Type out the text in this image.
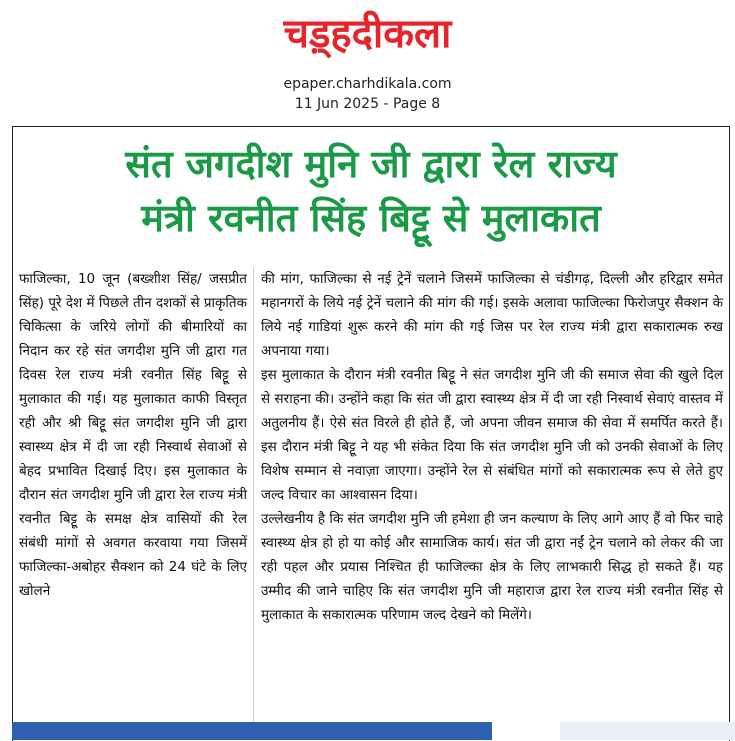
चड़्हदीकला
epaper.charhdikala.com
11 Jun 2025 - Page 8
संत जगदीश मुनि जी द्वारा रेल राज्य
मंत्री रवनीत सिंह बिट्टू से मुलाकात

फाजिल्का, 10 जून (बख्शीश सिंह/ जसप्रीत सिंह) पूरे देश में पिछले तीन दशकों से प्राकृतिक चिकित्सा के जरिये लोगों की बीमारियों का निदान कर रहे संत जगदीश मुनि जी द्वारा गत दिवस रेल राज्य मंत्री रवनीत सिंह बिट्टू से मुलाकात की गई। यह मुलाकात काफी विस्तृत रही और श्री बिट्टू संत जगदीश मुनि जी द्वारा स्वास्थ्य क्षेत्र में दी जा रही निस्वार्थ सेवाओं से बेहद प्रभावित दिखाई दिए। इस मुलाकात के दौरान संत जगदीश मुनि जी द्वारा रेल राज्य मंत्री रवनीत बिट्टू के समक्ष क्षेत्र वासियों की रेल संबंधी मांगों से अवगत करवाया गया जिसमें फाजिल्का-अबोहर सैक्शन को 24 घंटे के लिए खोलने

की मांग, फाजिल्का से नई ट्रेनें चलाने जिसमें फाजिल्का से चंडीगढ़, दिल्ली और हरिद्वार समेत महानगरों के लिये नई ट्रेनें चलाने की मांग की गई। इसके अलावा फाजिल्का फिरोजपुर सैक्शन के लिये नई गाडियां शुरू करने की मांग की गई जिस पर रेल राज्य मंत्री द्वारा सकारात्मक रुख अपनाया गया।

इस मुलाकात के दौरान मंत्री रवनीत बिट्टू ने संत जगदीश मुनि जी की समाज सेवा की खुले दिल से सराहना की। उन्होंने कहा कि संत जी द्वारा स्वास्थ्य क्षेत्र में दी जा रही निस्वार्थ सेवाएं वास्तव में अतुलनीय हैं। ऐसे संत विरले ही होते हैं, जो अपना जीवन समाज की सेवा में समर्पित करते हैं। इस दौरान मंत्री बिट्टू ने यह भी संकेत दिया कि संत जगदीश मुनि जी को उनकी सेवाओं के लिए विशेष सम्मान से नवाज़ा जाएगा। उन्होंने रेल से संबंधित मांगों को सकारात्मक रूप से लेते हुए जल्द विचार का आश्वासन दिया।

उल्लेखनीय है कि संत जगदीश मुनि जी हमेशा ही जन कल्याण के लिए आगे आए हैं वो फिर चाहे स्वास्थ्य क्षेत्र हो हो या कोई और सामाजिक कार्य। संत जी द्वारा नईं ट्रेन चलाने को लेकर की जा रही पहल और प्रयास निश्चित ही फाजिल्का क्षेत्र के लिए लाभकारी सिद्ध हो सकते हैं। यह उम्मीद की जाने चाहिए कि संत जगदीश मुनि जी महाराज द्वारा रेल राज्य मंत्री रवनीत सिंह से मुलाकात के सकारात्मक परिणाम जल्द देखने को मिलेंगे।
